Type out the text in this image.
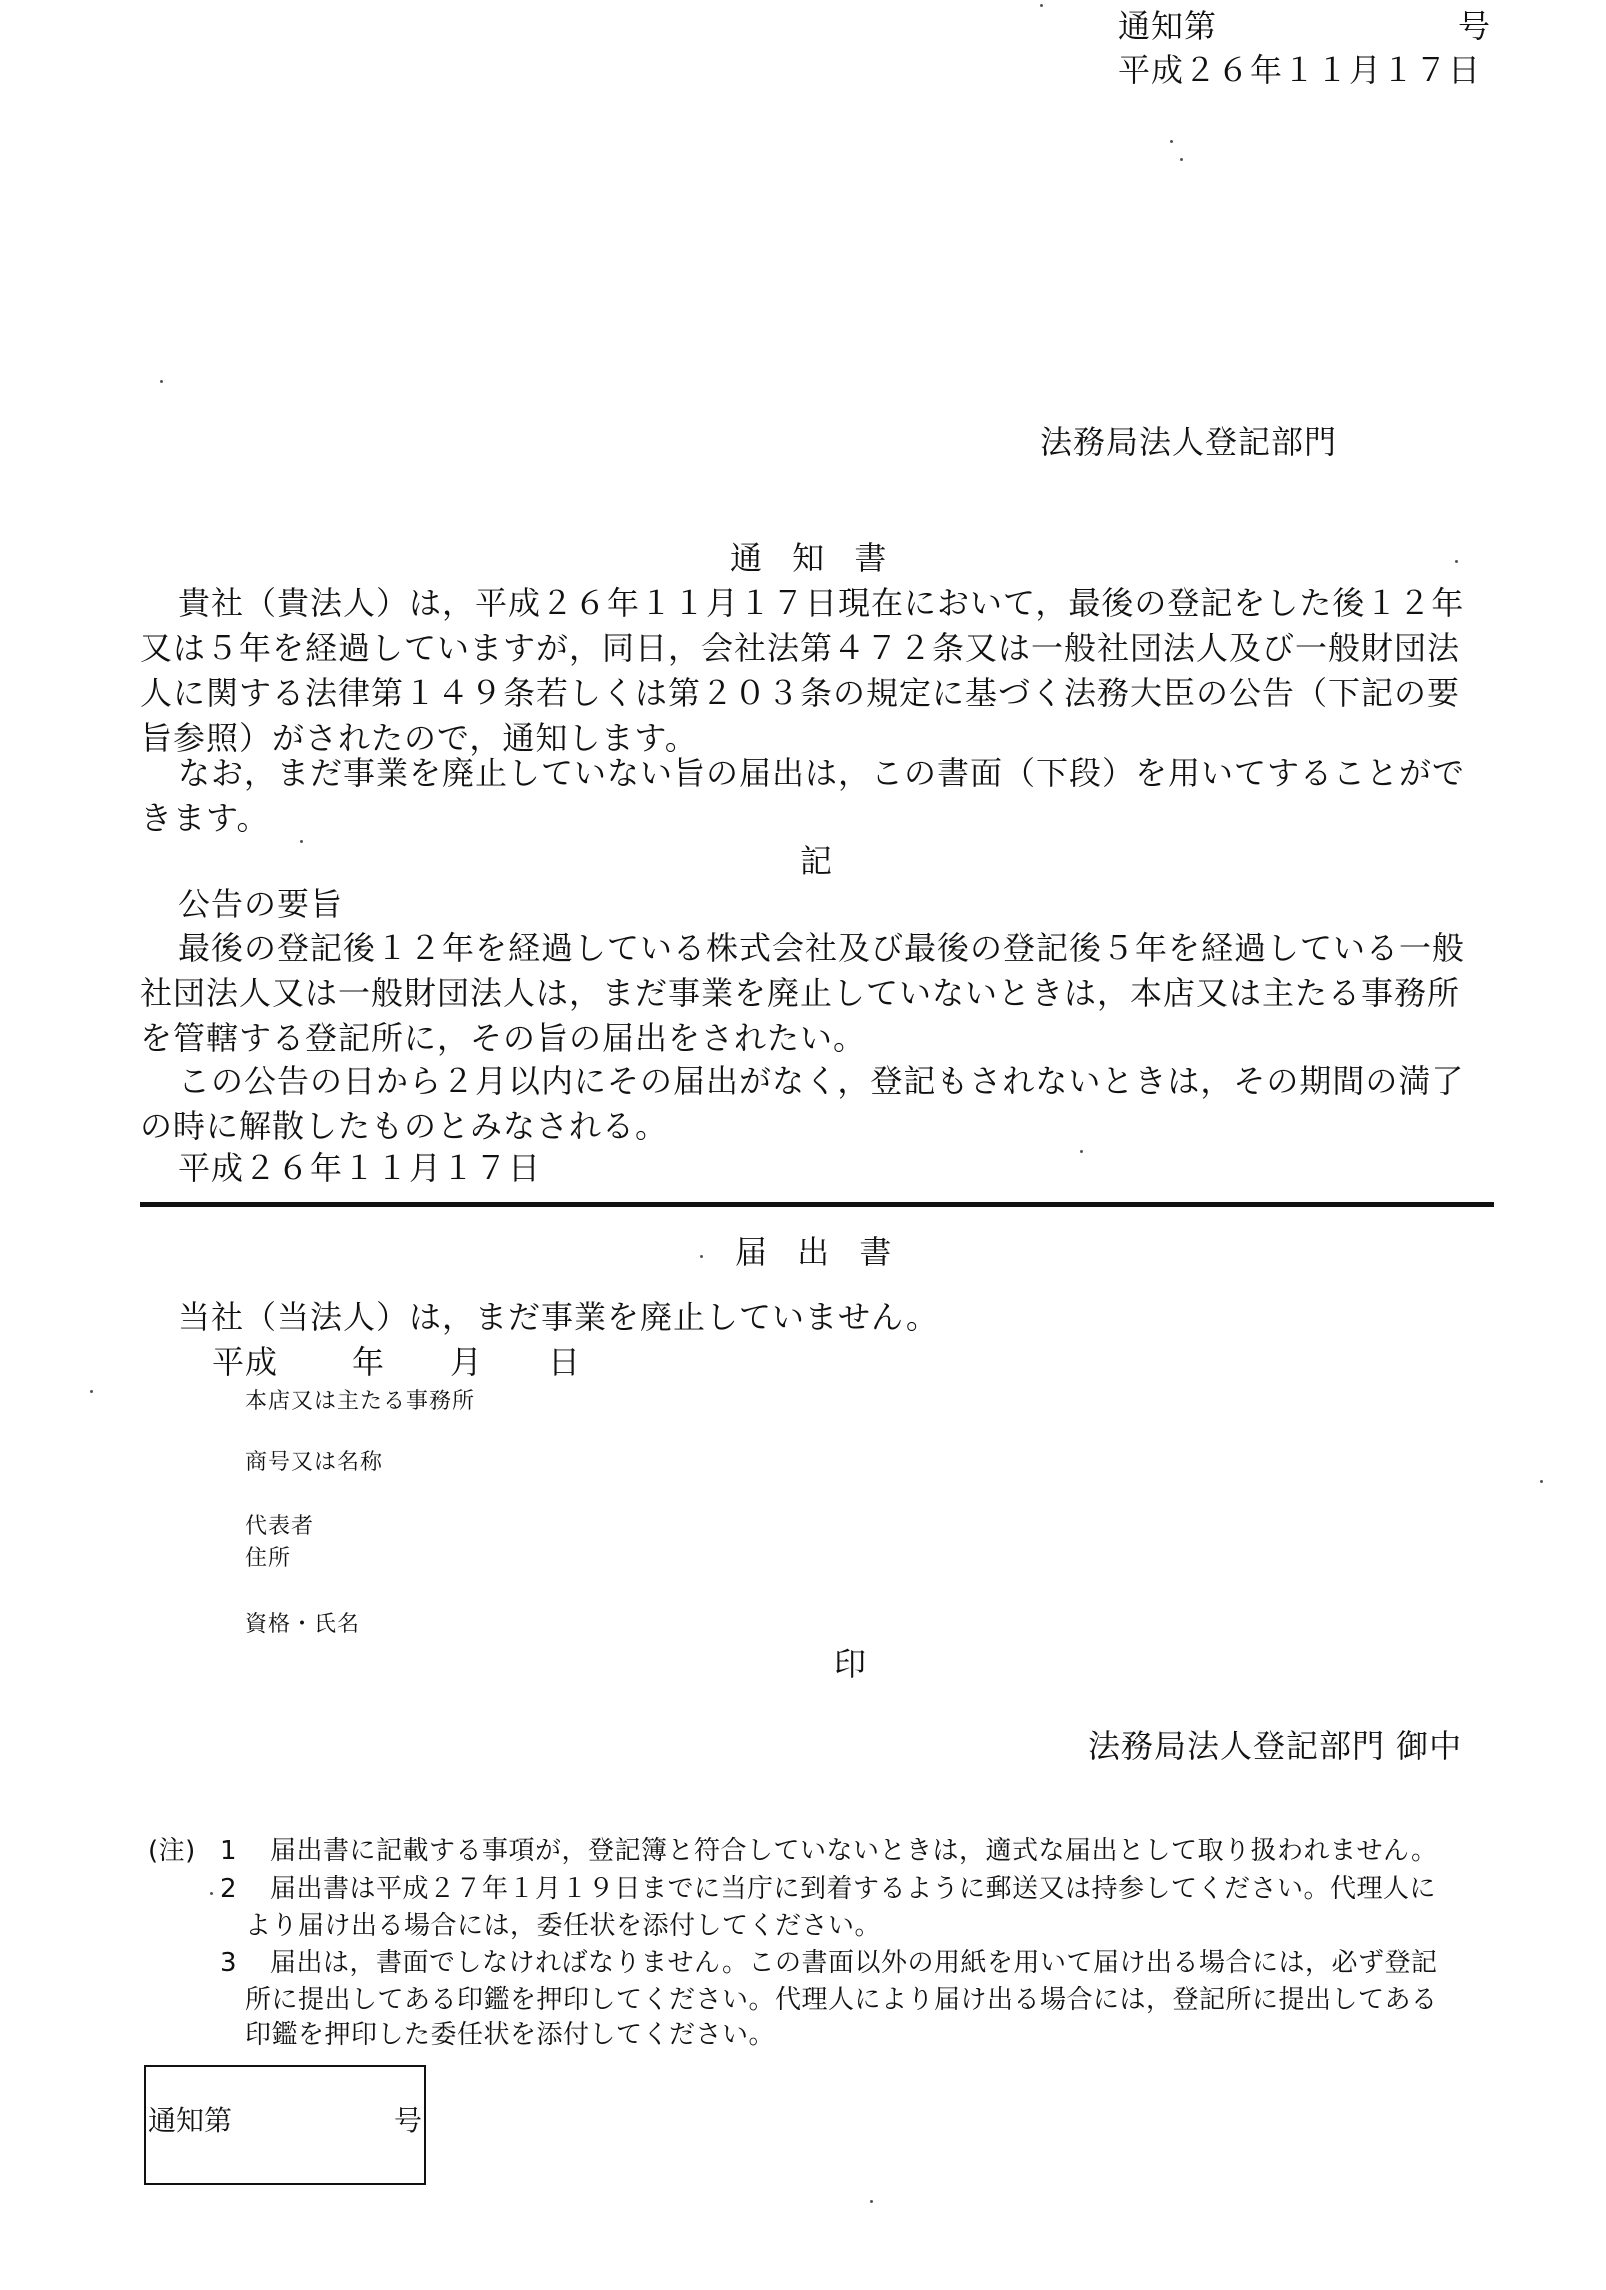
通知第	号
平成２６年１１月１７日
法務局法人登記部門
通 知 書
貴社（貴法人）は，平成２６年１１月１７日現在において，最後の登記をした後１２年
又は５年を経過していますが，同日，会社法第４７２条又は一般社団法人及び一般財団法
人に関する法律第１４９条若しくは第２０３条の規定に基づく法務大臣の公告（下記の要
旨参照）がされたので，通知します。
なお，まだ事業を廃止していない旨の届出は，この書面（下段）を用いてすることがで
きます。
記
公告の要旨
最後の登記後１２年を経過している株式会社及び最後の登記後５年を経過している一般
社団法人又は一般財団法人は，まだ事業を廃止していないときは，本店又は主たる事務所
を管轄する登記所に，その旨の届出をされたい。
この公告の日から２月以内にその届出がなく，登記もされないときは，その期間の満了
の時に解散したものとみなされる。
平成２６年１１月１７日
届 出 書
当社（当法人）は，まだ事業を廃止していません。
平成 年 月 日
本店又は主たる事務所
商号又は名称
代表者
住所
資格・氏名
印
法務局法人登記部門 御中
(注) 1 届出書に記載する事項が，登記簿と符合していないときは，適式な届出として取り扱われません。
2 届出書は平成２７年１月１９日までに当庁に到着するように郵送又は持参してください。代理人に
より届け出る場合には，委任状を添付してください。
3 届出は，書面でしなければなりません。この書面以外の用紙を用いて届け出る場合には，必ず登記
所に提出してある印鑑を押印してください。代理人により届け出る場合には，登記所に提出してある
印鑑を押印した委任状を添付してください。
通知第	号
